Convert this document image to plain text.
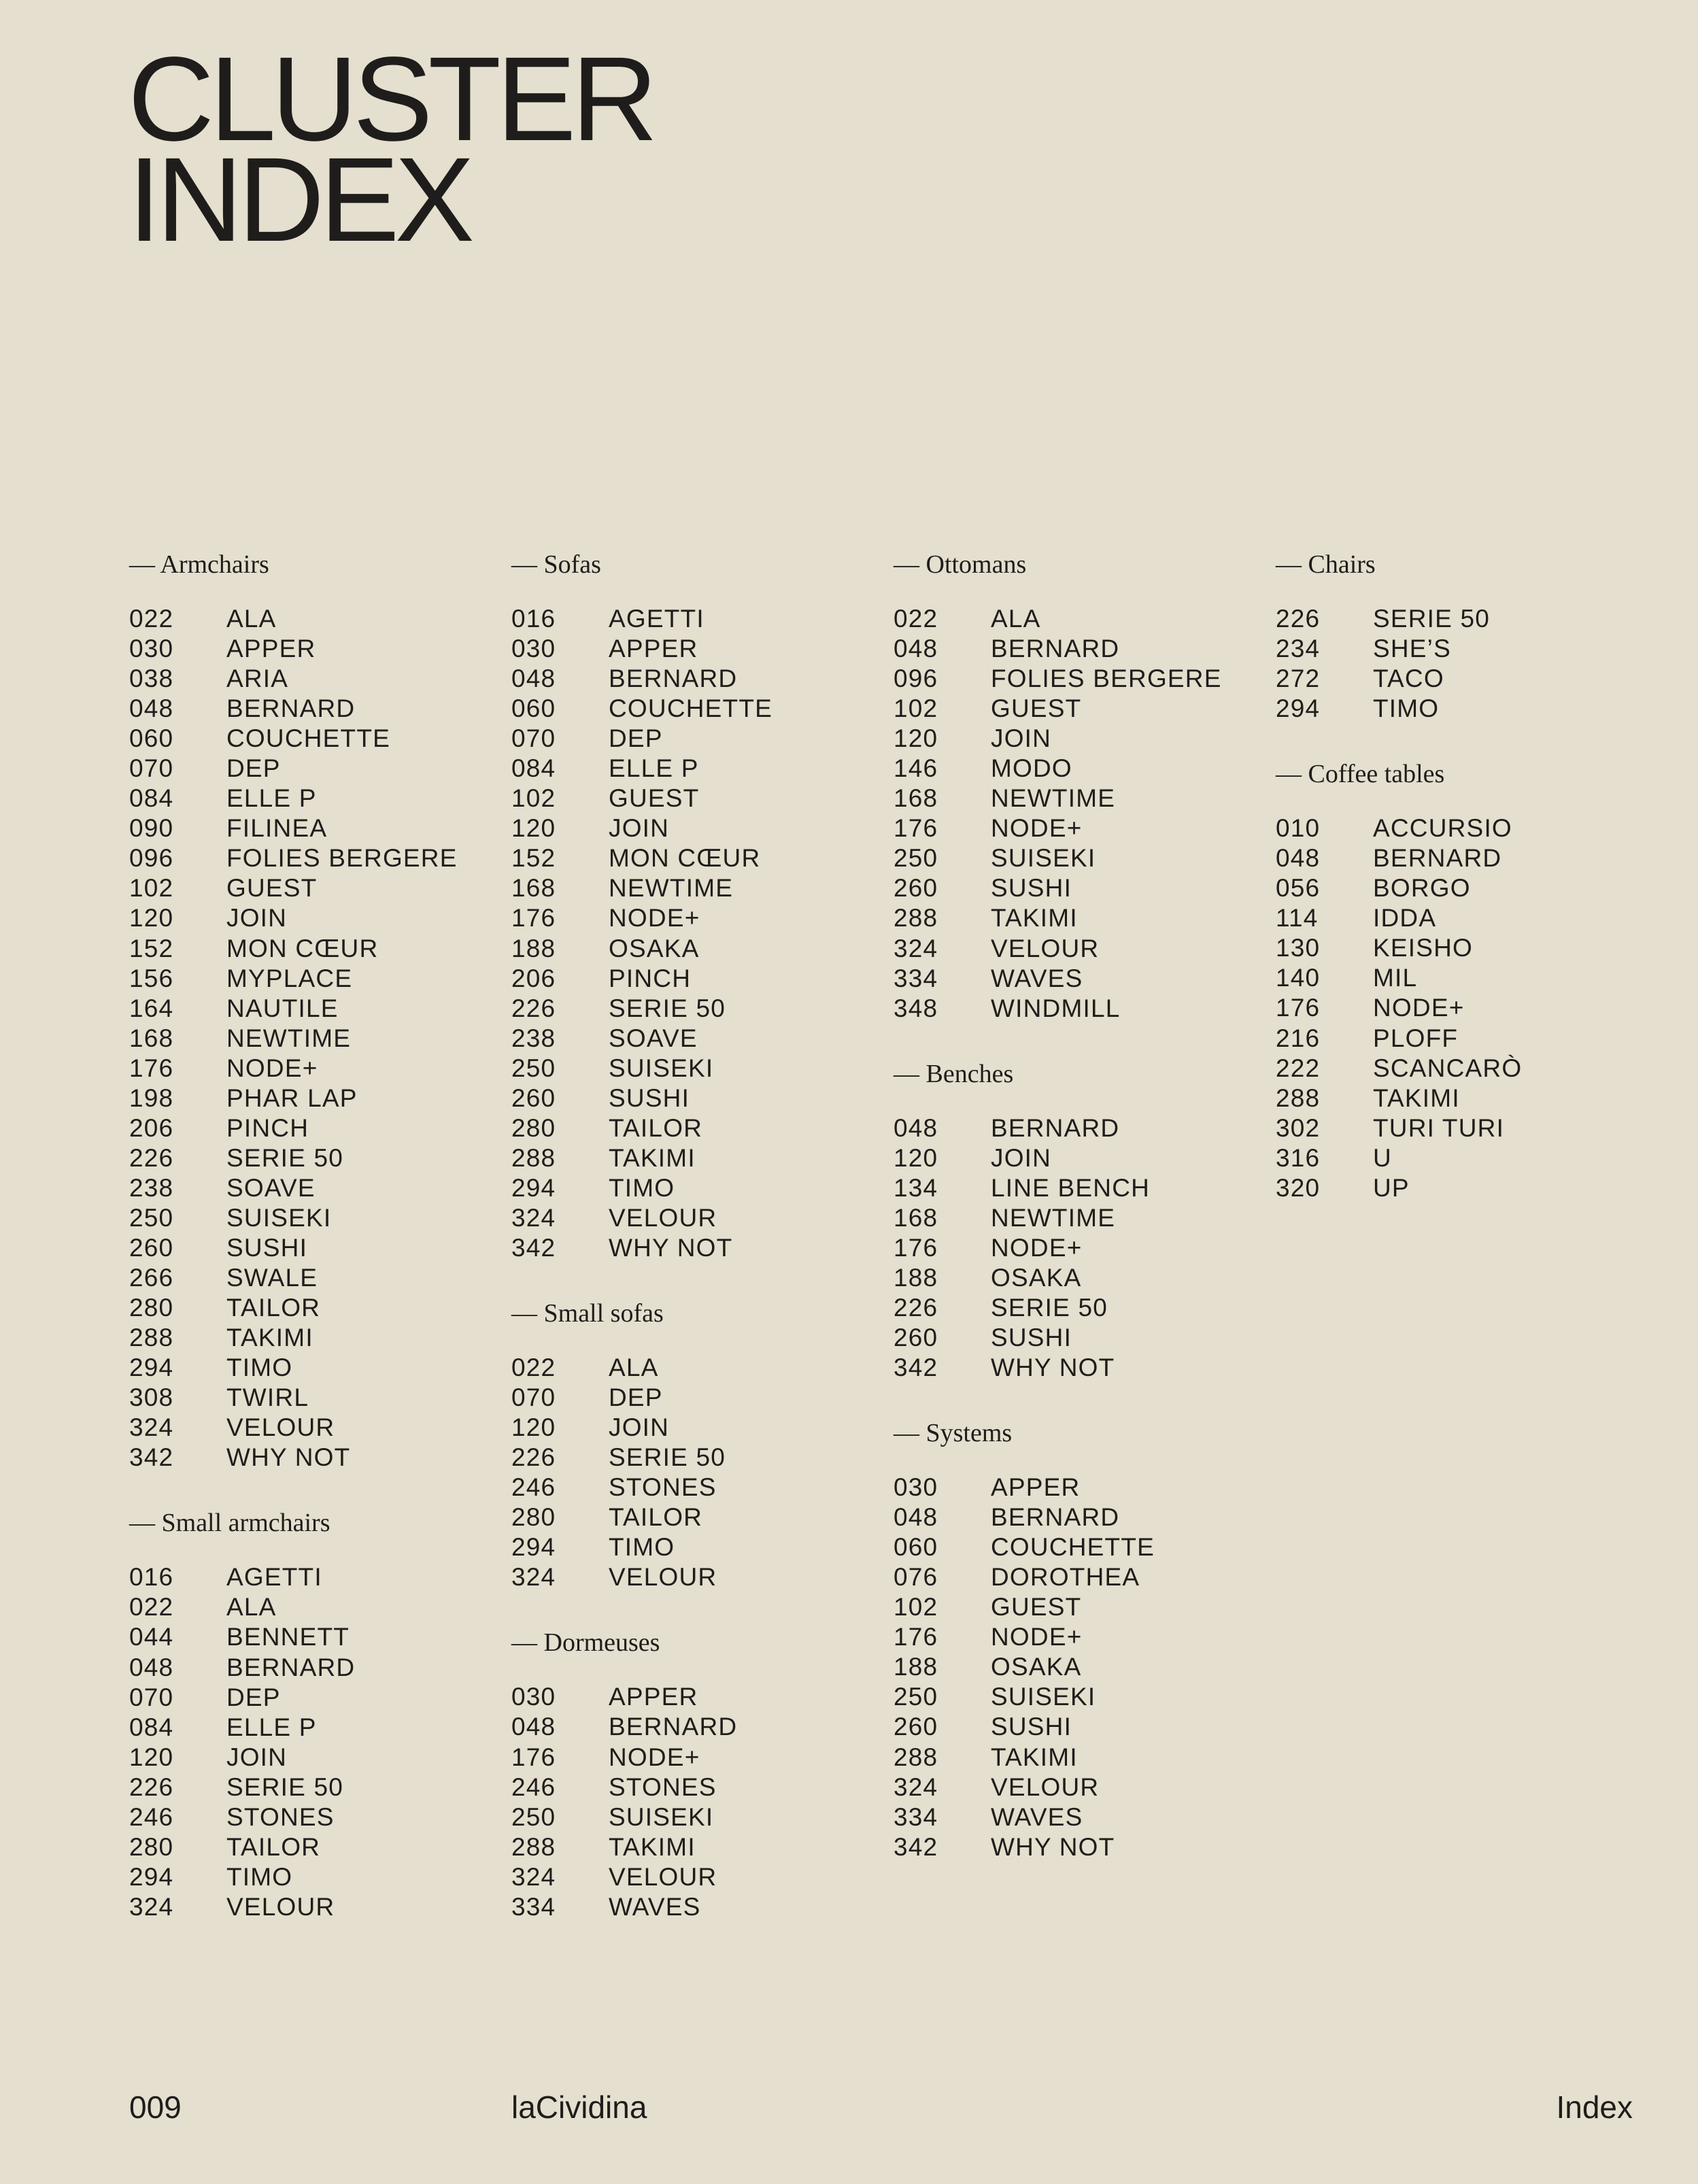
CLUSTER
INDEX
— Armchairs
022	ALA
030	APPER
038	ARIA
048	BERNARD
060	COUCHETTE
070	DEP
084	ELLE P
090	FILINEA
096	FOLIES BERGERE
102	GUEST
120	JOIN
152	MON CŒUR
156	MYPLACE
164	NAUTILE
168	NEWTIME
176	NODE+
198	PHAR LAP
206	PINCH
226	SERIE 50
238	SOAVE
250	SUISEKI
260	SUSHI
266	SWALE
280	TAILOR
288	TAKIMI
294	TIMO
308	TWIRL
324	VELOUR
342	WHY NOT
— Small armchairs
016	AGETTI
022	ALA
044	BENNETT
048	BERNARD
070	DEP
084	ELLE P
120	JOIN
226	SERIE 50
246	STONES
280	TAILOR
294	TIMO
324	VELOUR
— Sofas
016	AGETTI
030	APPER
048	BERNARD
060	COUCHETTE
070	DEP
084	ELLE P
102	GUEST
120	JOIN
152	MON CŒUR
168	NEWTIME
176	NODE+
188	OSAKA
206	PINCH
226	SERIE 50
238	SOAVE
250	SUISEKI
260	SUSHI
280	TAILOR
288	TAKIMI
294	TIMO
324	VELOUR
342	WHY NOT
— Small sofas
022	ALA
070	DEP
120	JOIN
226	SERIE 50
246	STONES
280	TAILOR
294	TIMO
324	VELOUR
— Dormeuses
030	APPER
048	BERNARD
176	NODE+
246	STONES
250	SUISEKI
288	TAKIMI
324	VELOUR
334	WAVES
— Ottomans
022	ALA
048	BERNARD
096	FOLIES BERGERE
102	GUEST
120	JOIN
146	MODO
168	NEWTIME
176	NODE+
250	SUISEKI
260	SUSHI
288	TAKIMI
324	VELOUR
334	WAVES
348	WINDMILL
— Benches
048	BERNARD
120	JOIN
134	LINE BENCH
168	NEWTIME
176	NODE+
188	OSAKA
226	SERIE 50
260	SUSHI
342	WHY NOT
— Systems
030	APPER
048	BERNARD
060	COUCHETTE
076	DOROTHEA
102	GUEST
176	NODE+
188	OSAKA
250	SUISEKI
260	SUSHI
288	TAKIMI
324	VELOUR
334	WAVES
342	WHY NOT
— Chairs
226	SERIE 50
234	SHE’S
272	TACO
294	TIMO
— Coffee tables
010	ACCURSIO
048	BERNARD
056	BORGO
114	IDDA
130	KEISHO
140	MIL
176	NODE+
216	PLOFF
222	SCANCARÒ
288	TAKIMI
302	TURI TURI
316	U
320	UP
009	laCividina	Index
